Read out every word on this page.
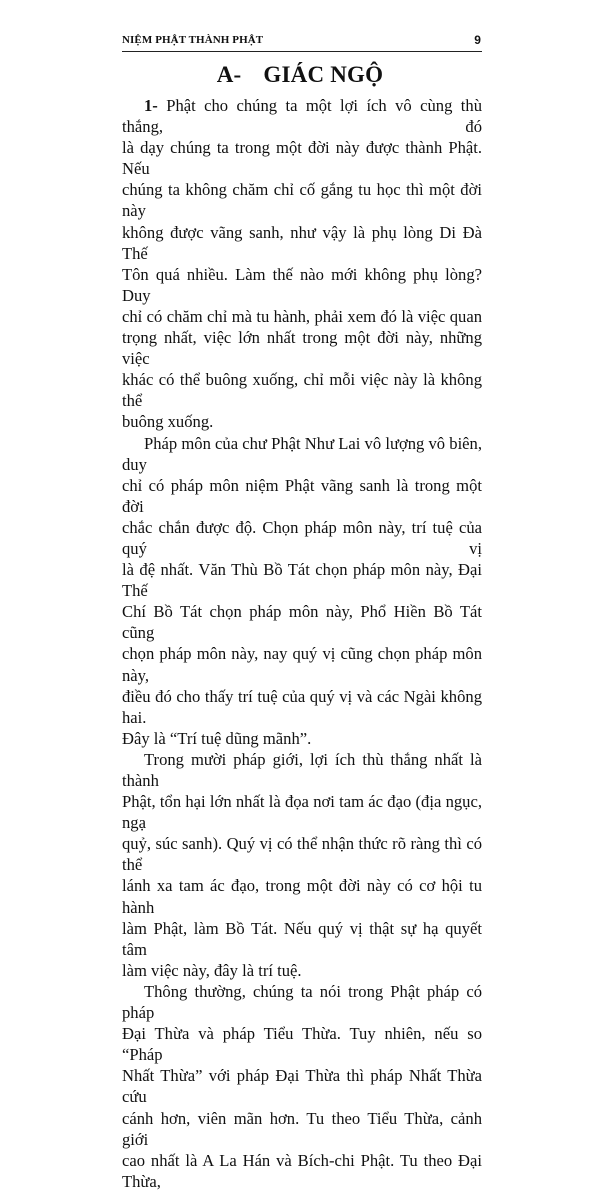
NIỆM PHẬT THÀNH PHẬT	9
A- GIÁC NGỘ

1- Phật cho chúng ta một lợi ích vô cùng thù thắng, đó
là dạy chúng ta trong một đời này được thành Phật. Nếu
chúng ta không chăm chỉ cố gắng tu học thì một đời này
không được vãng sanh, như vậy là phụ lòng Di Đà Thế
Tôn quá nhiều. Làm thế nào mới không phụ lòng? Duy
chỉ có chăm chỉ mà tu hành, phải xem đó là việc quan
trọng nhất, việc lớn nhất trong một đời này, những việc
khác có thể buông xuống, chỉ mỗi việc này là không thể
buông xuống.

Pháp môn của chư Phật Như Lai vô lượng vô biên, duy
chỉ có pháp môn niệm Phật vãng sanh là trong một đời
chắc chắn được độ. Chọn pháp môn này, trí tuệ của quý vị
là đệ nhất. Văn Thù Bồ Tát chọn pháp môn này, Đại Thế
Chí Bồ Tát chọn pháp môn này, Phổ Hiền Bồ Tát cũng
chọn pháp môn này, nay quý vị cũng chọn pháp môn này,
điều đó cho thấy trí tuệ của quý vị và các Ngài không hai.
Đây là “Trí tuệ dũng mãnh”.

Trong mười pháp giới, lợi ích thù thắng nhất là thành
Phật, tổn hại lớn nhất là đọa nơi tam ác đạo (địa ngục, ngạ
quỷ, súc sanh). Quý vị có thể nhận thức rõ ràng thì có thể
lánh xa tam ác đạo, trong một đời này có cơ hội tu hành
làm Phật, làm Bồ Tát. Nếu quý vị thật sự hạ quyết tâm
làm việc này, đây là trí tuệ.

Thông thường, chúng ta nói trong Phật pháp có pháp
Đại Thừa và pháp Tiểu Thừa. Tuy nhiên, nếu so “Pháp
Nhất Thừa” với pháp Đại Thừa thì pháp Nhất Thừa cứu
cánh hơn, viên mãn hơn. Tu theo Tiểu Thừa, cảnh giới
cao nhất là A La Hán và Bích-chi Phật. Tu theo Đại Thừa,
